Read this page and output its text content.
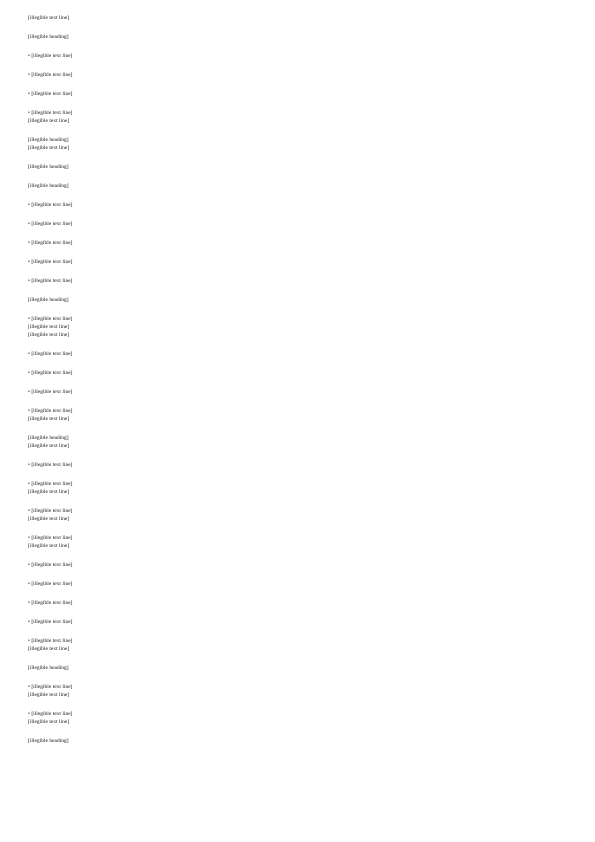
[illegible text line]
[illegible heading]
• [illegible text line]
• [illegible text line]
• [illegible text line]
• [illegible text line]
[illegible text line]
[illegible heading]
[illegible text line]
[illegible heading]
[illegible heading]
• [illegible text line]
• [illegible text line]
• [illegible text line]
• [illegible text line]
• [illegible text line]
[illegible heading]
• [illegible text line]
[illegible text line]
[illegible text line]
• [illegible text line]
• [illegible text line]
• [illegible text line]
• [illegible text line]
[illegible text line]
[illegible heading]
[illegible text line]
• [illegible text line]
• [illegible text line]
[illegible text line]
• [illegible text line]
[illegible text line]
• [illegible text line]
[illegible text line]
• [illegible text line]
• [illegible text line]
• [illegible text line]
• [illegible text line]
• [illegible text line]
[illegible text line]
[illegible heading]
• [illegible text line]
[illegible text line]
• [illegible text line]
[illegible text line]
[illegible heading]
